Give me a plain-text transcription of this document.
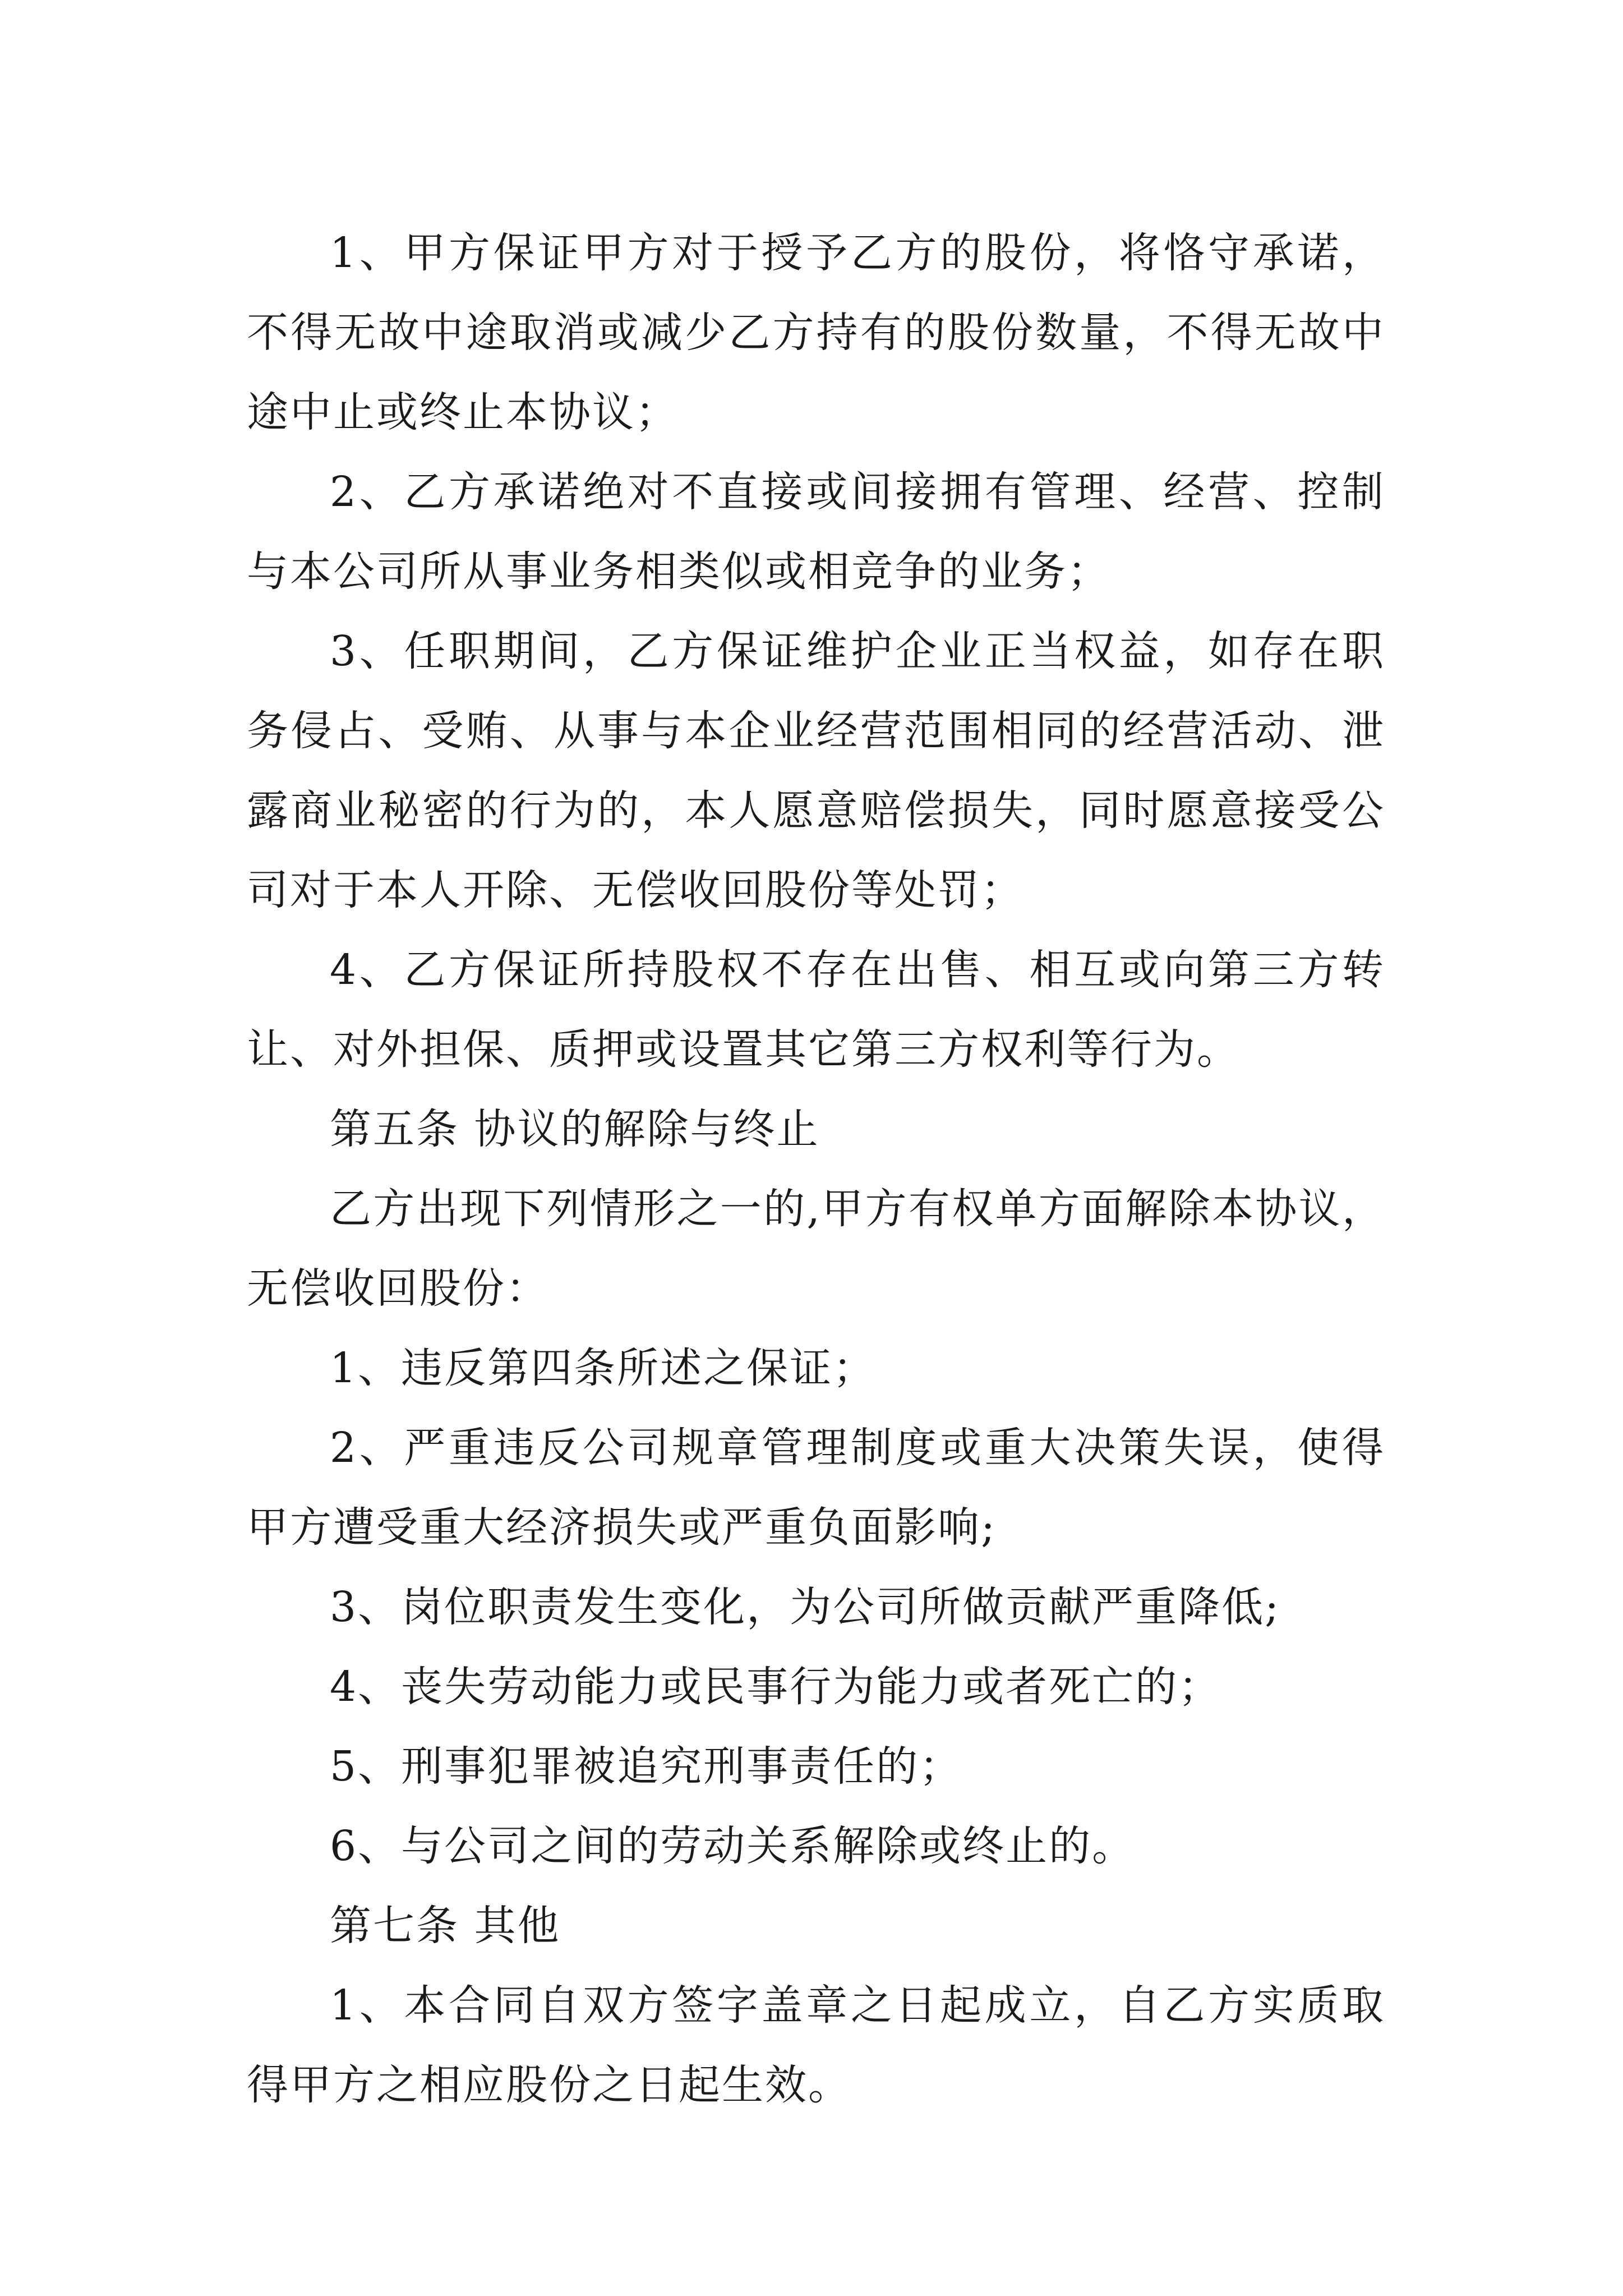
1、甲方保证甲方对于授予乙方的股份，将恪守承诺，不得无故中途取消或减少乙方持有的股份数量，不得无故中途中止或终止本协议；

2、乙方承诺绝对不直接或间接拥有管理、经营、控制与本公司所从事业务相类似或相竞争的业务；

3、任职期间，乙方保证维护企业正当权益，如存在职务侵占、受贿、从事与本企业经营范围相同的经营活动、泄露商业秘密的行为的，本人愿意赔偿损失，同时愿意接受公司对于本人开除、无偿收回股份等处罚；

4、乙方保证所持股权不存在出售、相互或向第三方转让、对外担保、质押或设置其它第三方权利等行为。

第五条 协议的解除与终止

乙方出现下列情形之一的,甲方有权单方面解除本协议，无偿收回股份：

1、违反第四条所述之保证；

2、严重违反公司规章管理制度或重大决策失误，使得甲方遭受重大经济损失或严重负面影响;

3、岗位职责发生变化，为公司所做贡献严重降低;

4、丧失劳动能力或民事行为能力或者死亡的；

5、刑事犯罪被追究刑事责任的；

6、与公司之间的劳动关系解除或终止的。

第七条 其他

1、本合同自双方签字盖章之日起成立，自乙方实质取得甲方之相应股份之日起生效。
